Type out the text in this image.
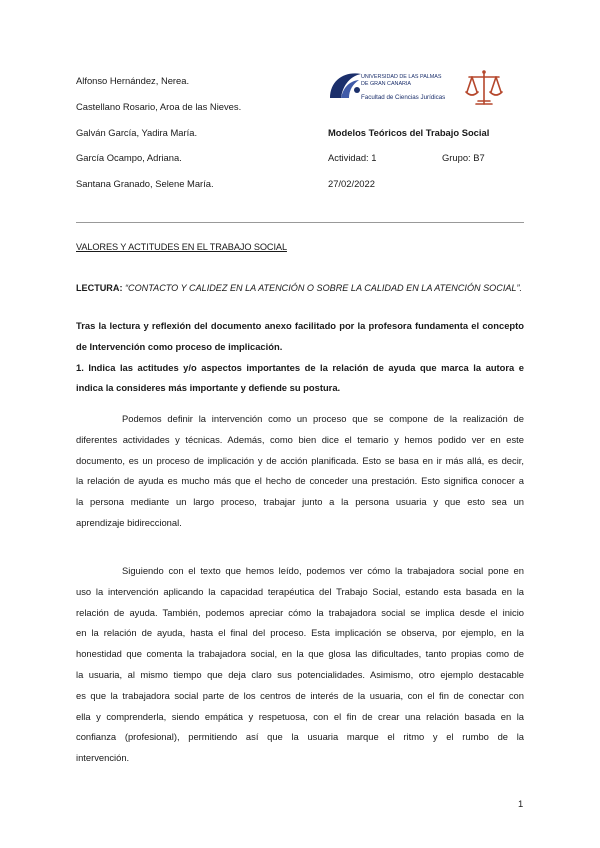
Alfonso Hernández, Nerea.
Castellano Rosario, Aroa de las Nieves.
Galván García, Yadira María.
García Ocampo, Adriana.
Santana Granado, Selene María.
UNIVERSIDAD DE LAS PALMAS
DE GRAN CANARIA
Facultad de Ciencias Jurídicas
Modelos Teóricos del Trabajo Social
Actividad: 1	Grupo: B7
27/02/2022
VALORES Y ACTITUDES EN EL TRABAJO SOCIAL
LECTURA: “CONTACTO Y CALIDEZ EN LA ATENCIÓN O SOBRE LA CALIDAD EN LA ATENCIÓN SOCIAL”.
Tras la lectura y reflexión del documento anexo facilitado por la profesora fundamenta el concepto
de Intervención como proceso de implicación.
1. Indica las actitudes y/o aspectos importantes de la relación de ayuda que marca la autora e
indica la consideres más importante y defiende su postura.
Podemos definir la intervención como un proceso que se compone de la realización de
diferentes actividades y técnicas. Además, como bien dice el temario y hemos podido ver en este
documento, es un proceso de implicación y de acción planificada. Esto se basa en ir más allá, es decir,
la relación de ayuda es mucho más que el hecho de conceder una prestación. Esto significa conocer a
la persona mediante un largo proceso, trabajar junto a la persona usuaria y que esto sea un
aprendizaje bidireccional.
Siguiendo con el texto que hemos leído, podemos ver cómo la trabajadora social pone en
uso la intervención aplicando la capacidad terapéutica del Trabajo Social, estando esta basada en la
relación de ayuda. También, podemos apreciar cómo la trabajadora social se implica desde el inicio
en la relación de ayuda, hasta el final del proceso. Esta implicación se observa, por ejemplo, en la
honestidad que comenta la trabajadora social, en la que glosa las dificultades, tanto propias como de
la usuaria, al mismo tiempo que deja claro sus potencialidades. Asimismo, otro ejemplo destacable
es que la trabajadora social parte de los centros de interés de la usuaria, con el fin de conectar con
ella y comprenderla, siendo empática y respetuosa, con el fin de crear una relación basada en la
confianza (profesional), permitiendo así que la usuaria marque el ritmo y el rumbo de la
intervención.
1
